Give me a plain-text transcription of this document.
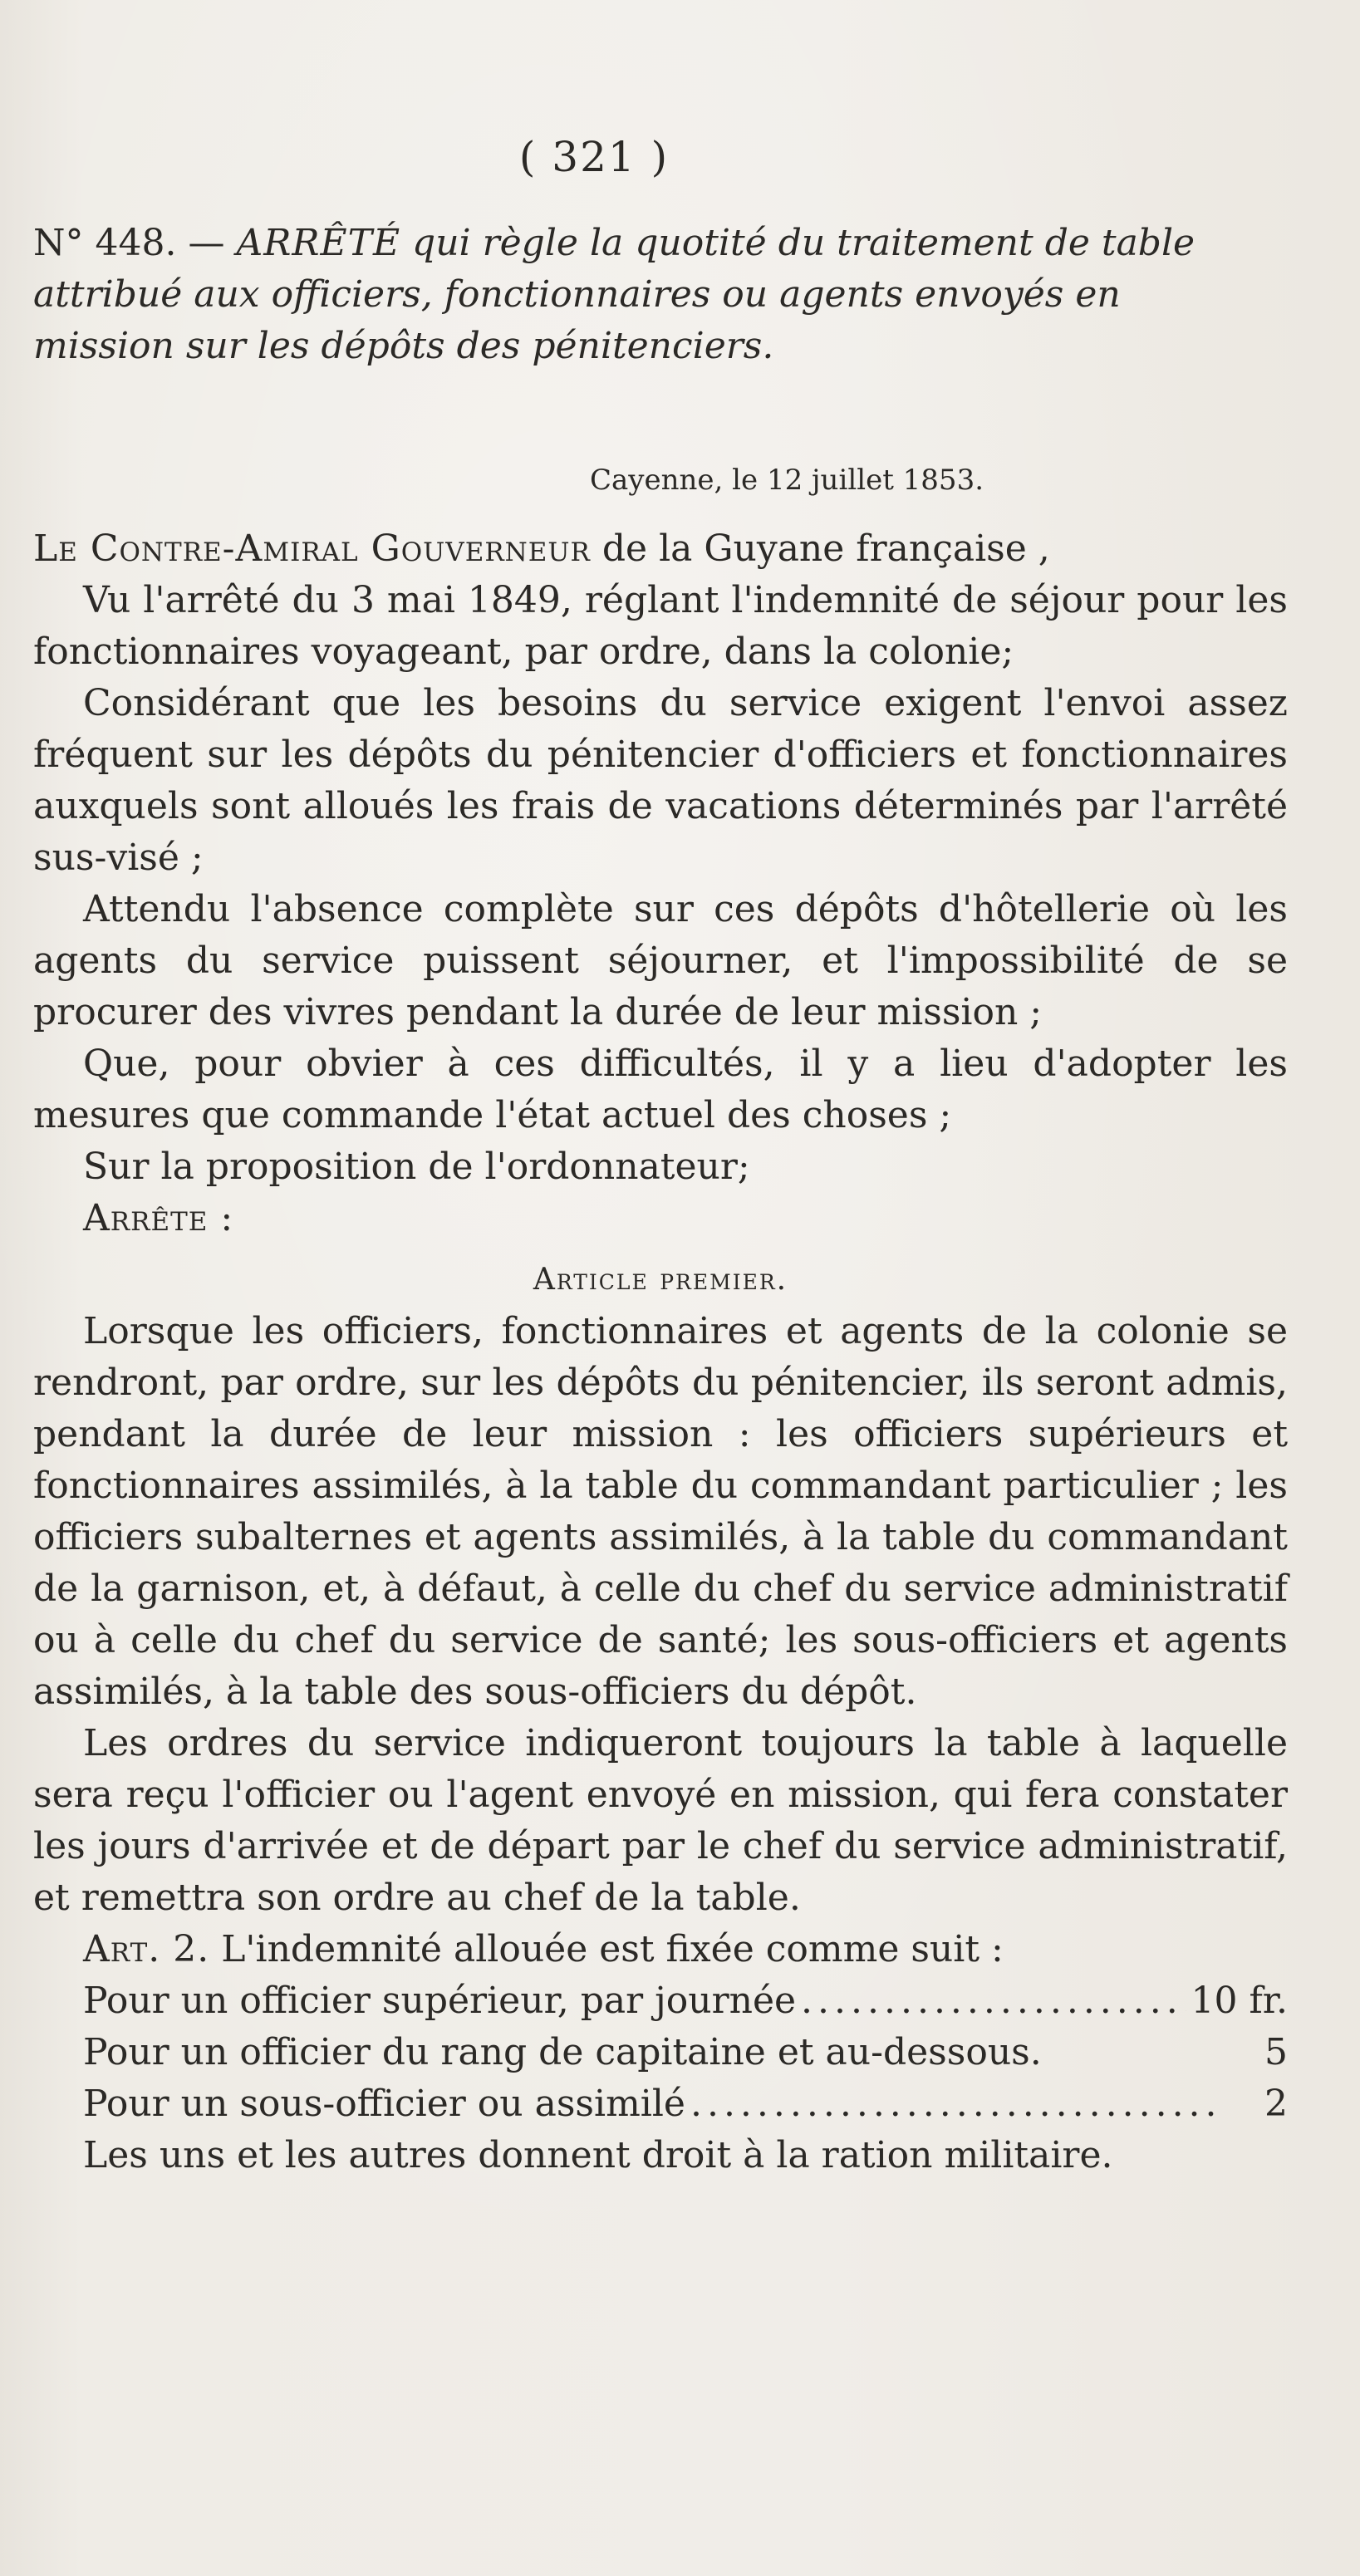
( 321 )
N° 448. — ARRÊTÉ qui règle la quotité du traitement de table attribué aux officiers, fonctionnaires ou agents envoyés en mission sur les dépôts des pénitenciers.
Cayenne, le 12 juillet 1853.

Le Contre-Amiral Gouverneur de la Guyane française ,

Vu l'arrêté du 3 mai 1849, réglant l'indemnité de séjour pour les fonctionnaires voyageant, par ordre, dans la colonie;

Considérant que les besoins du service exigent l'envoi assez fréquent sur les dépôts du pénitencier d'officiers et fonctionnaires auxquels sont alloués les frais de vacations déterminés par l'arrêté sus-visé ;

Attendu l'absence complète sur ces dépôts d'hôtellerie où les agents du service puissent séjourner, et l'impossibilité de se procurer des vivres pendant la durée de leur mission ;

Que, pour obvier à ces difficultés, il y a lieu d'adopter les mesures que commande l'état actuel des choses ;

Sur la proposition de l'ordonnateur;

Arrête :

Article premier.

Lorsque les officiers, fonctionnaires et agents de la colonie se rendront, par ordre, sur les dépôts du pénitencier, ils seront admis, pendant la durée de leur mission : les officiers supérieurs et fonctionnaires assimilés, à la table du commandant particulier ; les officiers subalternes et agents assimilés, à la table du commandant de la garnison, et, à défaut, à celle du chef du service administratif ou à celle du chef du service de santé; les sous-officiers et agents assimilés, à la table des sous-officiers du dépôt.

Les ordres du service indiqueront toujours la table à laquelle sera reçu l'officier ou l'agent envoyé en mission, qui fera constater les jours d'arrivée et de départ par le chef du service administratif, et remettra son ordre au chef de la table.

Art. 2. L'indemnité allouée est fixée comme suit :

Pour un officier supérieur, par journée .....	10 fr.
Pour un officier du rang de capitaine et au-dessous.	5
Pour un sous-officier ou assimilé .....	2

Les uns et les autres donnent droit à la ration militaire.
